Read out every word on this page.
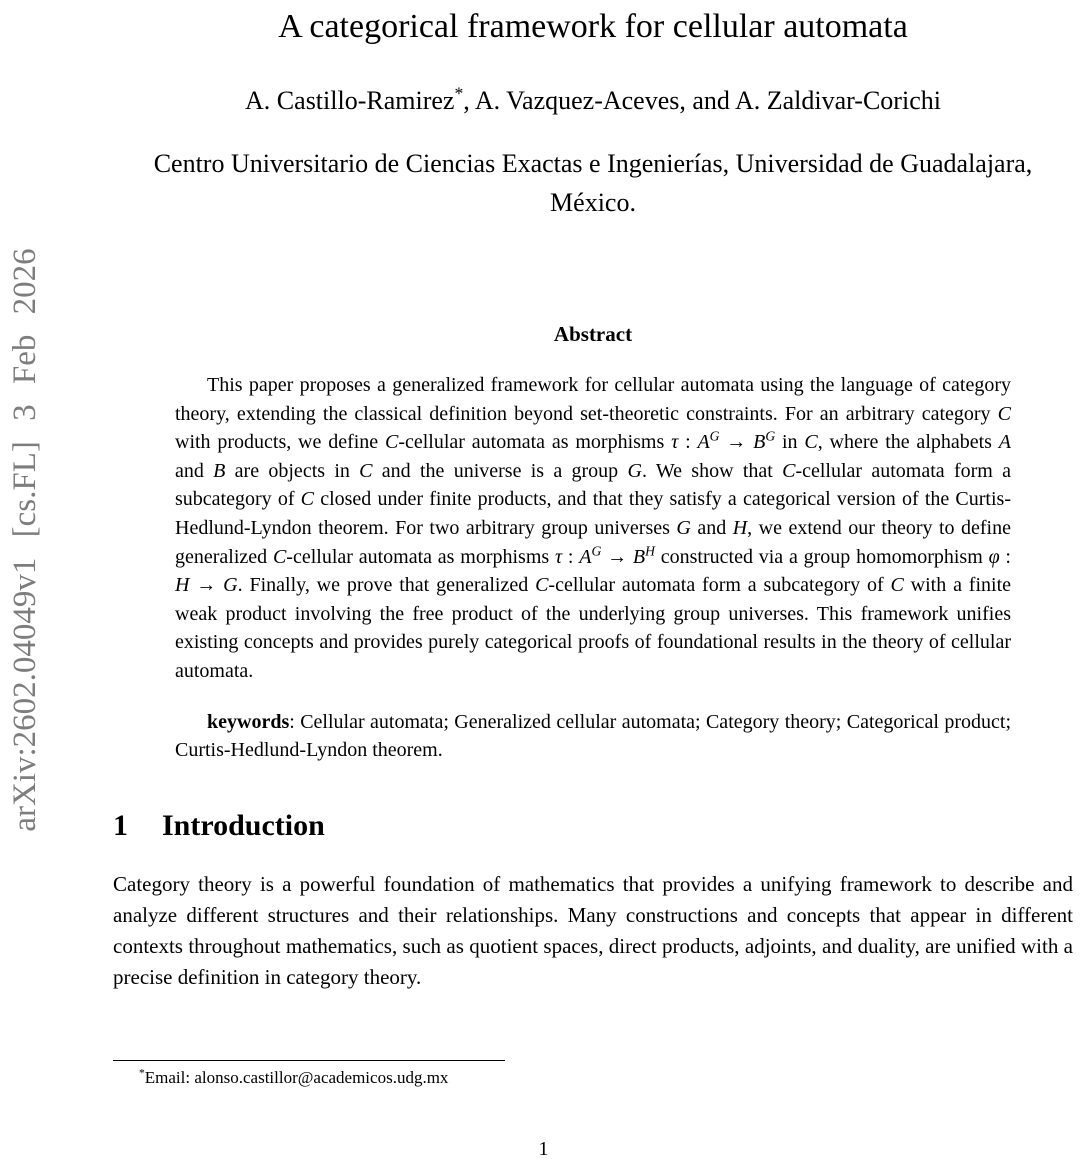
arXiv:2602.04049v1 [cs.FL] 3 Feb 2026
A categorical framework for cellular automata
A. Castillo-Ramirez*, A. Vazquez-Aceves, and A. Zaldivar-Corichi
Centro Universitario de Ciencias Exactas e Ingenierías, Universidad de Guadalajara, México.
Abstract

This paper proposes a generalized framework for cellular automata using the language of category theory, extending the classical definition beyond set-theoretic constraints. For an arbitrary category C with products, we define C-cellular automata as morphisms τ : $A^G \to B^G$ in C, where the alphabets A and B are objects in C and the universe is a group G. We show that C-cellular automata form a subcategory of C closed under finite products, and that they satisfy a categorical version of the Curtis-Hedlund-Lyndon theorem. For two arbitrary group universes G and H, we extend our theory to define generalized C-cellular automata as morphisms τ : $A^G \to B^H$ constructed via a group homomorphism φ : H → G. Finally, we prove that generalized C-cellular automata form a subcategory of C with a finite weak product involving the free product of the underlying group universes. This framework unifies existing concepts and provides purely categorical proofs of foundational results in the theory of cellular automata.

keywords: Cellular automata; Generalized cellular automata; Category theory; Categorical product; Curtis-Hedlund-Lyndon theorem.

1 Introduction

Category theory is a powerful foundation of mathematics that provides a unifying framework to describe and analyze different structures and their relationships. Many constructions and concepts that appear in different contexts throughout mathematics, such as quotient spaces, direct products, adjoints, and duality, are unified with a precise definition in category theory.

*Email: alonso.castillor@academicos.udg.mx
1
